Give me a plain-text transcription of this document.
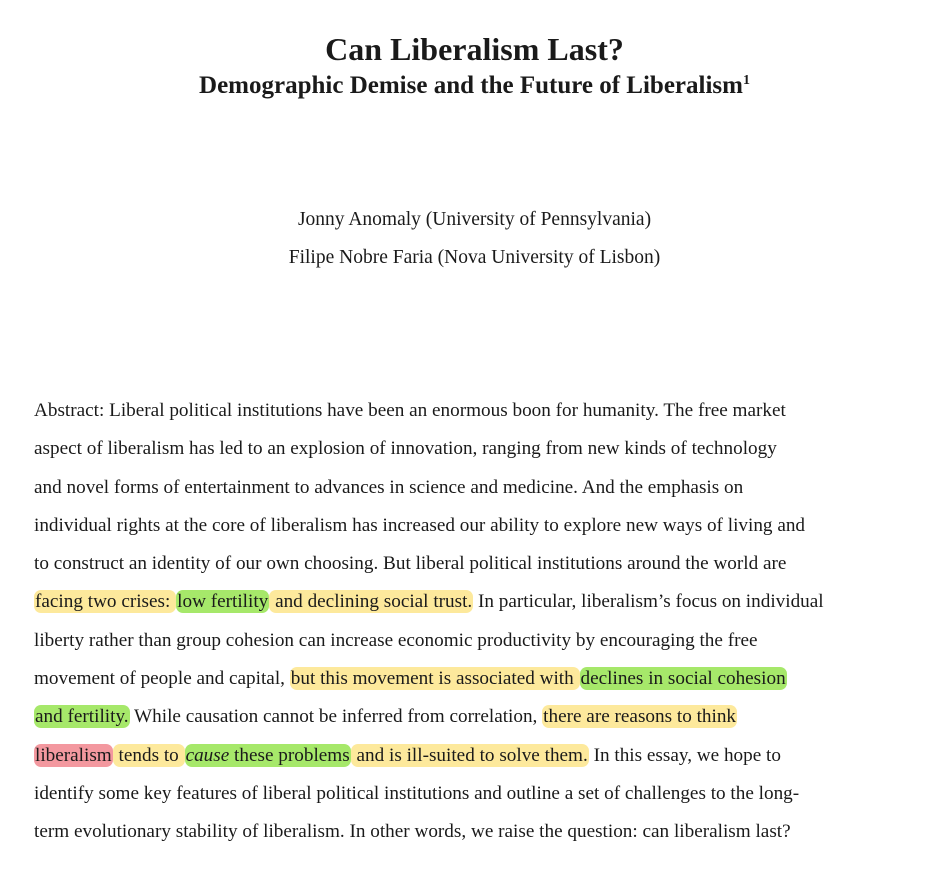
Can Liberalism Last?
Demographic Demise and the Future of Liberalism$^1$

Jonny Anomaly (University of Pennsylvania)

Filipe Nobre Faria (Nova University of Lisbon)

Abstract: Liberal political institutions have been an enormous boon for humanity. The free market
aspect of liberalism has led to an explosion of innovation, ranging from new kinds of technology
and novel forms of entertainment to advances in science and medicine. And the emphasis on
individual rights at the core of liberalism has increased our ability to explore new ways of living and
to construct an identity of our own choosing. But liberal political institutions around the world are
facing two crises: low fertility and declining social trust. In particular, liberalism’s focus on individual
liberty rather than group cohesion can increase economic productivity by encouraging the free
movement of people and capital, but this movement is associated with declines in social cohesion
and fertility. While causation cannot be inferred from correlation, there are reasons to think
liberalism tends to cause these problems and is ill-suited to solve them. In this essay, we hope to
identify some key features of liberal political institutions and outline a set of challenges to the long-
term evolutionary stability of liberalism. In other words, we raise the question: can liberalism last?
